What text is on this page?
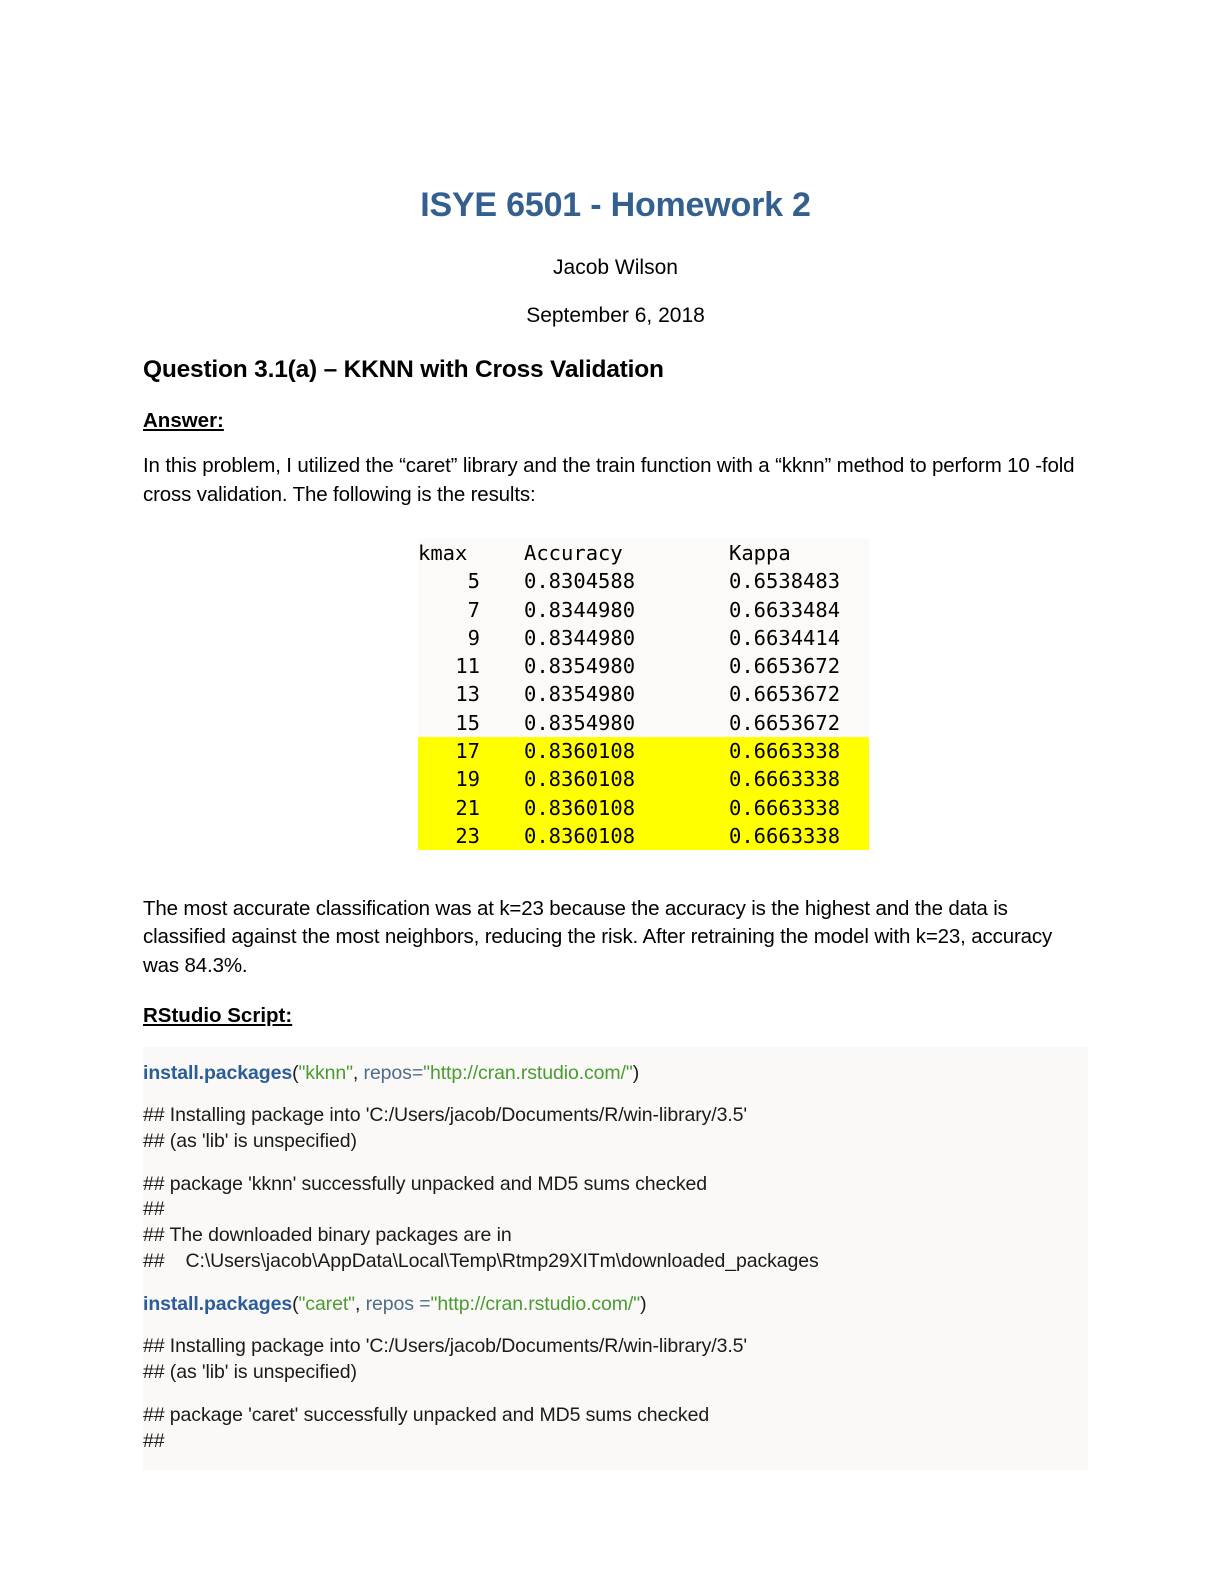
ISYE 6501 - Homework 2
Jacob Wilson
September 6, 2018
Question 3.1(a) – KKNN with Cross Validation
Answer:
In this problem, I utilized the “caret” library and the train function with a “kknn” method to perform 10 -fold cross validation. The following is the results:
kmax	Accuracy	Kappa
5	0.8304588	0.6538483
7	0.8344980	0.6633484
9	0.8344980	0.6634414
11	0.8354980	0.6653672
13	0.8354980	0.6653672
15	0.8354980	0.6653672
17	0.8360108	0.6663338
19	0.8360108	0.6663338
21	0.8360108	0.6663338
23	0.8360108	0.6663338
The most accurate classification was at k=23 because the accuracy is the highest and the data is classified against the most neighbors, reducing the risk. After retraining the model with k=23, accuracy was 84.3%.
RStudio Script:
install.packages("kknn", repos="http://cran.rstudio.com/")
## Installing package into 'C:/Users/jacob/Documents/R/win-library/3.5'
## (as 'lib' is unspecified)
## package 'kknn' successfully unpacked and MD5 sums checked
##
## The downloaded binary packages are in
##	C:\Users\jacob\AppData\Local\Temp\Rtmp29XITm\downloaded_packages
install.packages("caret", repos ="http://cran.rstudio.com/")
## Installing package into 'C:/Users/jacob/Documents/R/win-library/3.5'
## (as 'lib' is unspecified)
## package 'caret' successfully unpacked and MD5 sums checked
##
